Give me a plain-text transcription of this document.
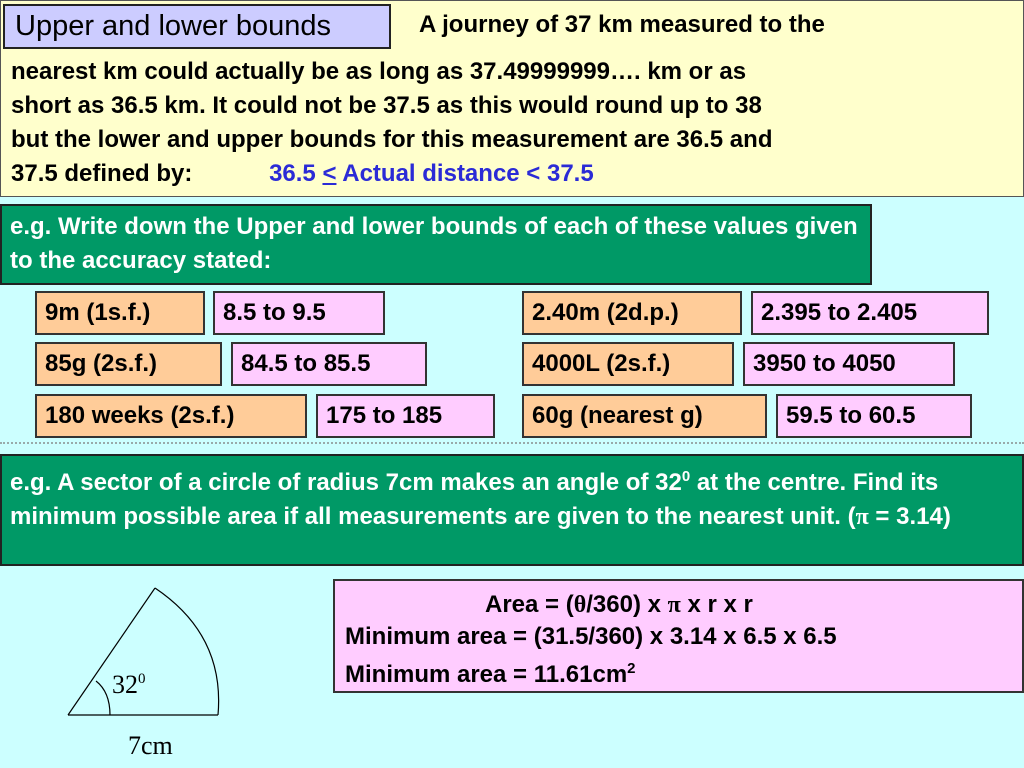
Upper and lower bounds	A journey of 37 km measured to the
nearest km could actually be as long as 37.49999999…. km or as
short as 36.5 km. It could not be 37.5 as this would round up to 38
but the lower and upper bounds for this measurement are 36.5 and
37.5 defined by:	36.5 < Actual distance < 37.5
e.g. Write down the Upper and lower bounds of each of these values given to the accuracy stated:
9m (1s.f.)	8.5 to 9.5
85g (2s.f.)	84.5 to 85.5
180 weeks (2s.f.)	175 to 185
2.40m (2d.p.)	2.395 to 2.405
4000L (2s.f.)	3950 to 4050
60g (nearest g)	59.5 to 60.5
e.g. A sector of a circle of radius 7cm makes an angle of $32^0$ at the centre. Find its minimum possible area if all measurements are given to the nearest unit. (π = 3.14)
Area = (θ/360) x π x r x r
Minimum area = (31.5/360) x 3.14 x 6.5 x 6.5
Minimum area = $11.61cm^2$
$32^0$
7cm
